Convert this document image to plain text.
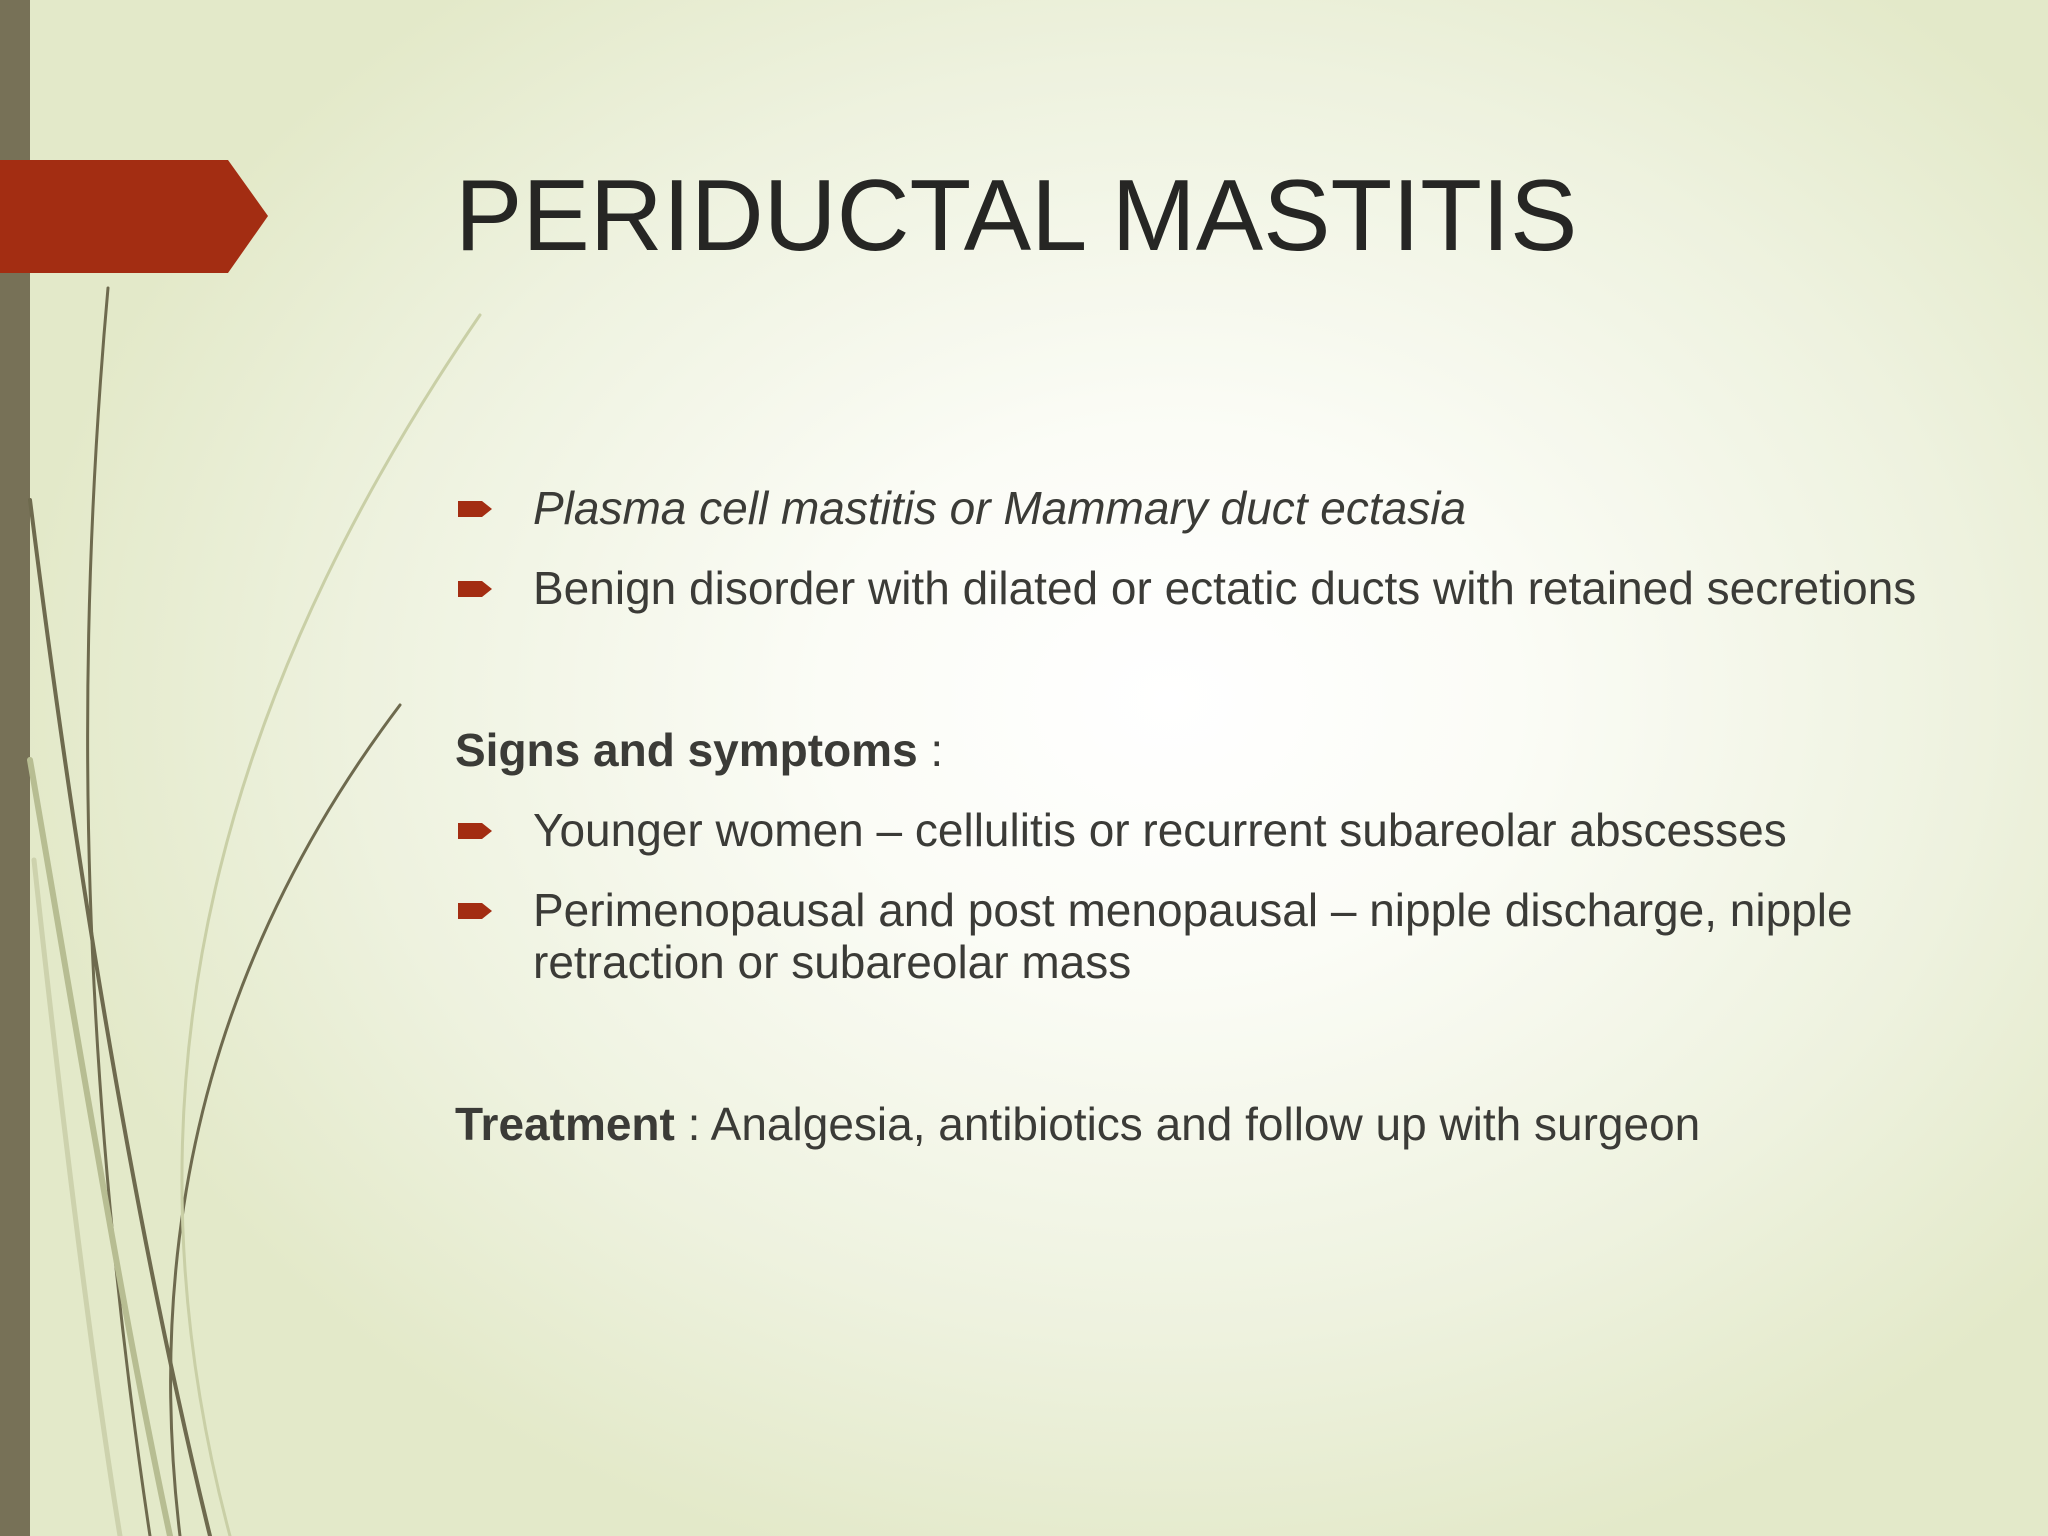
PERIDUCTAL MASTITIS
Plasma cell mastitis or Mammary duct ectasia
Benign disorder with dilated or ectatic ducts with retained secretions
Signs and symptoms :
Younger women – cellulitis or recurrent subareolar abscesses
Perimenopausal and post menopausal – nipple discharge, nipple retraction or subareolar mass
Treatment : Analgesia, antibiotics and follow up with surgeon
